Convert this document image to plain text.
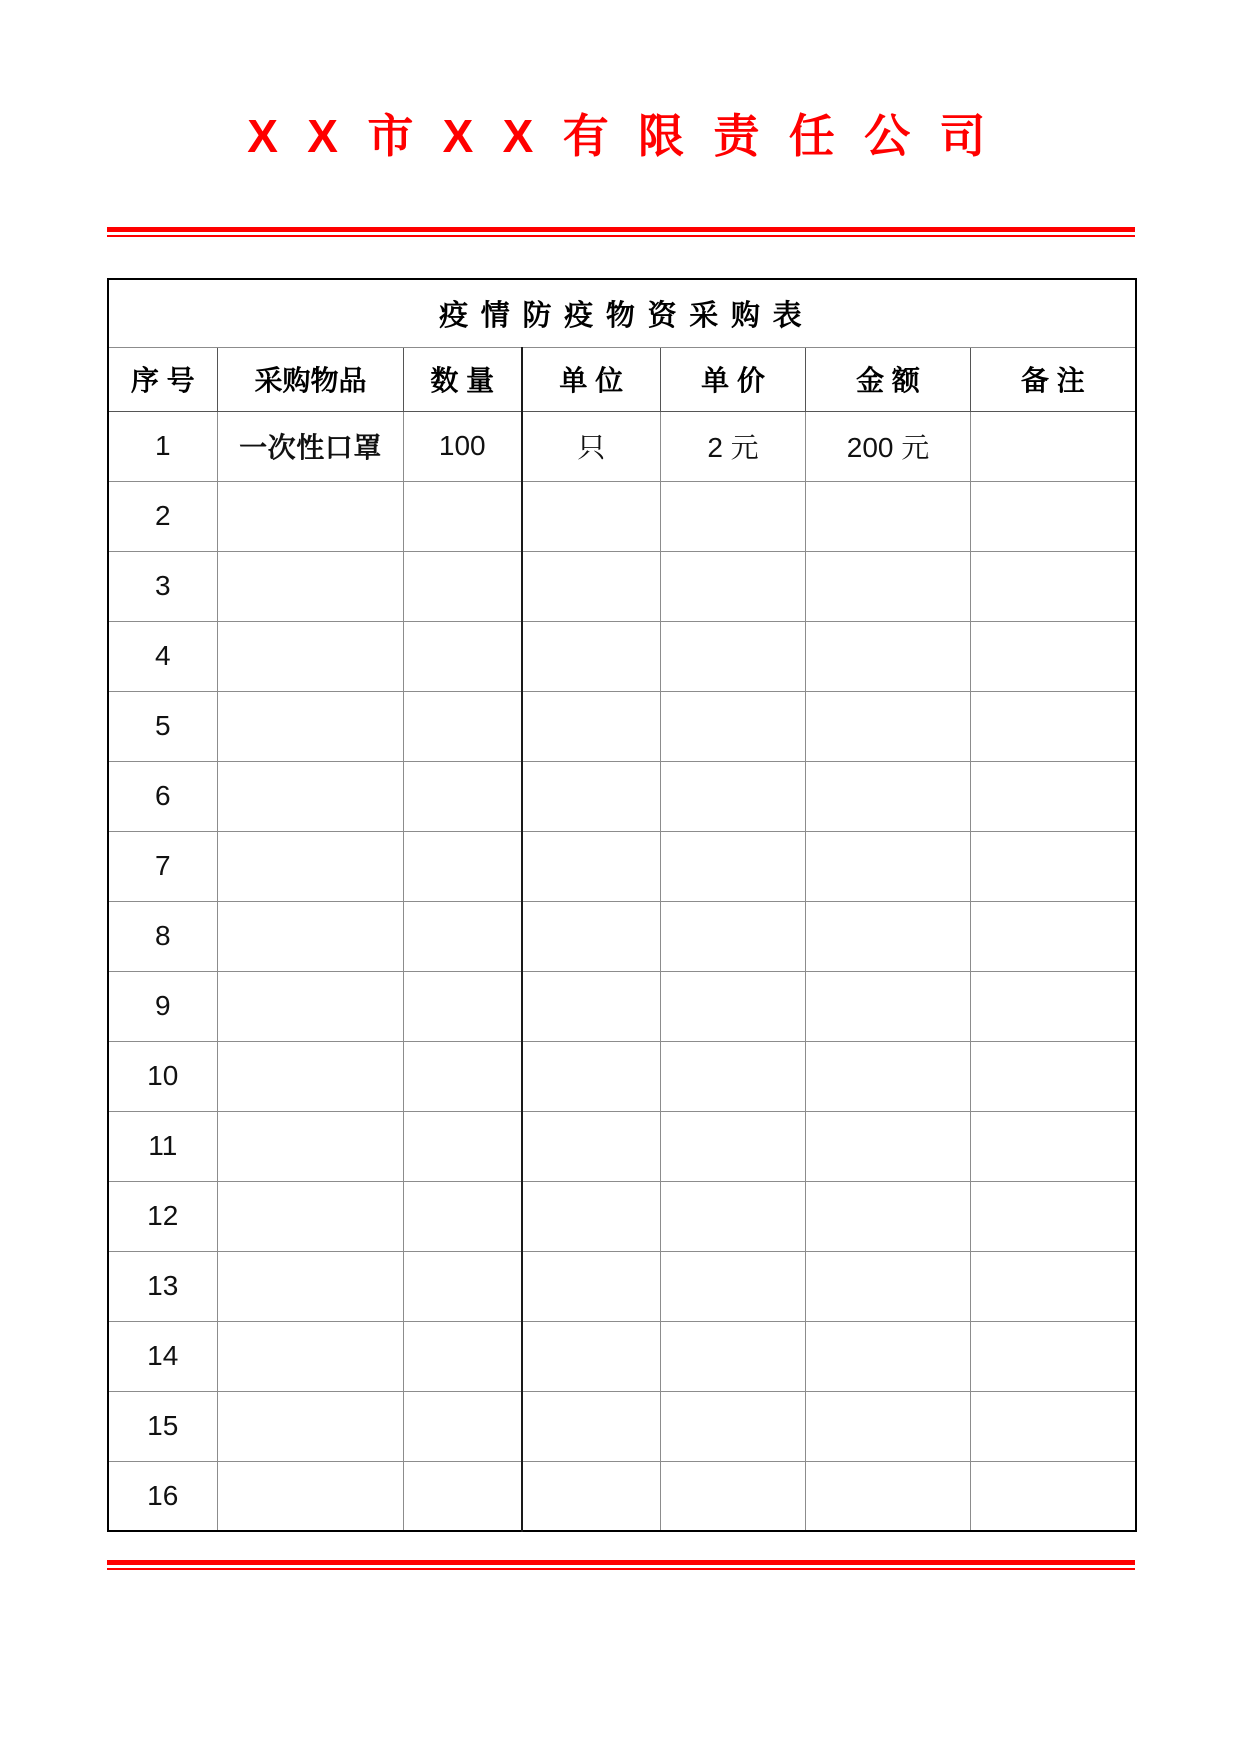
X X 市 X X 有 限 责 任 公 司
疫 情 防 疫 物 资 采 购 表						
序 号	采购物品	数 量	单 位	单 价	金 额	备 注
1	一次性口罩	100	只	2 元	200 元	
2						
3						
4						
5						
6						
7						
8						
9						
10						
11						
12						
13						
14						
15						
16						
